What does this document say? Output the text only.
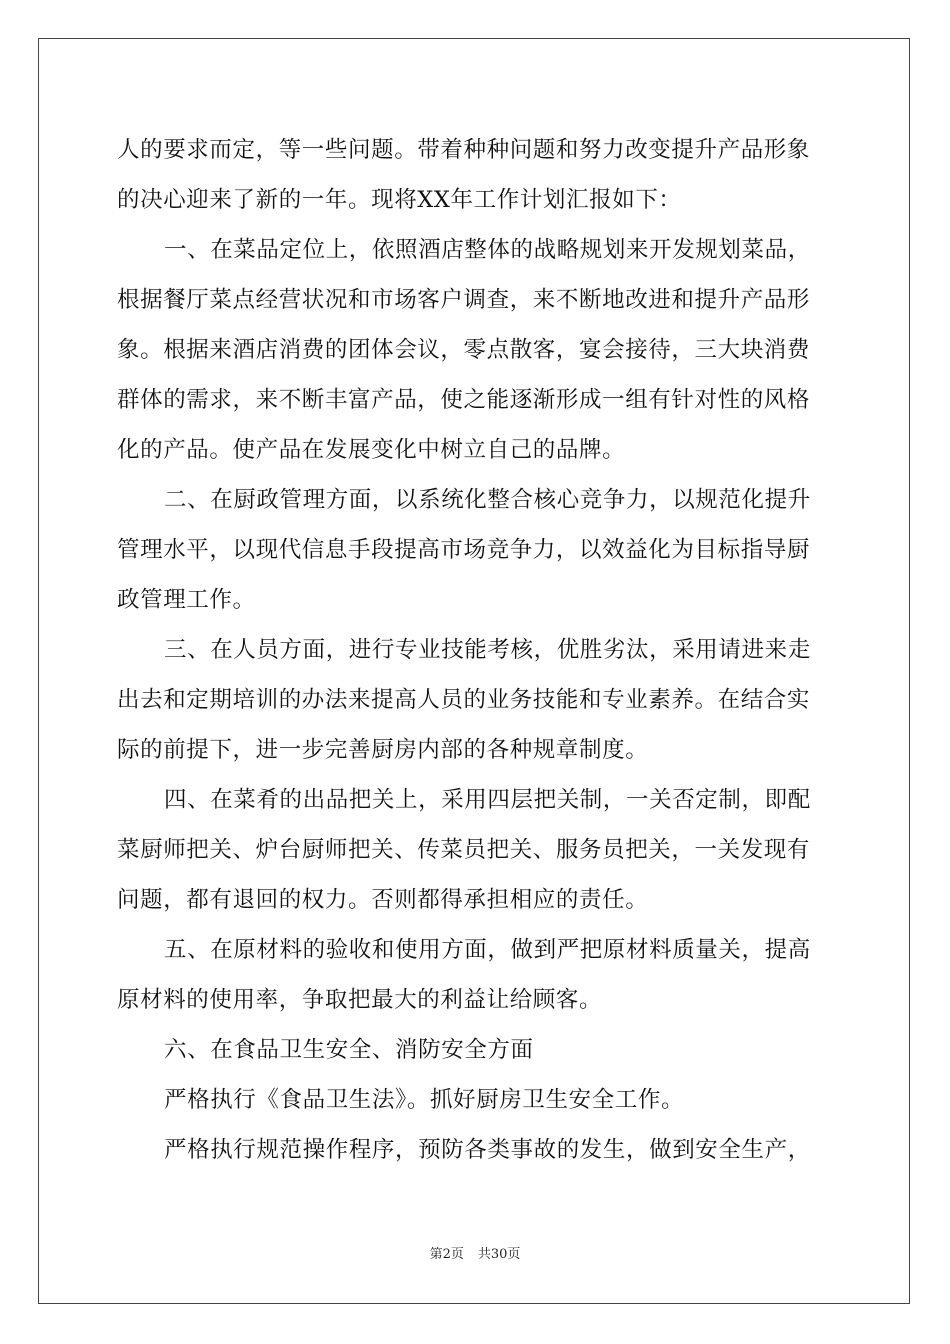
人的要求而定，等一些问题。带着种种问题和努力改变提升产品形象
的决心迎来了新的一年。现将XX年工作计划汇报如下：
一、在菜品定位上，依照酒店整体的战略规划来开发规划菜品，
根据餐厅菜点经营状况和市场客户调查，来不断地改进和提升产品形
象。根据来酒店消费的团体会议，零点散客，宴会接待，三大块消费
群体的需求，来不断丰富产品，使之能逐渐形成一组有针对性的风格
化的产品。使产品在发展变化中树立自己的品牌。
二、在厨政管理方面，以系统化整合核心竞争力，以规范化提升
管理水平，以现代信息手段提高市场竞争力，以效益化为目标指导厨
政管理工作。
三、在人员方面，进行专业技能考核，优胜劣汰，采用请进来走
出去和定期培训的办法来提高人员的业务技能和专业素养。在结合实
际的前提下，进一步完善厨房内部的各种规章制度。
四、在菜肴的出品把关上，采用四层把关制，一关否定制，即配
菜厨师把关、炉台厨师把关、传菜员把关、服务员把关，一关发现有
问题，都有退回的权力。否则都得承担相应的责任。
五、在原材料的验收和使用方面，做到严把原材料质量关，提高
原材料的使用率，争取把最大的利益让给顾客。
六、在食品卫生安全、消防安全方面
严格执行《食品卫生法》。抓好厨房卫生安全工作。
严格执行规范操作程序，预防各类事故的发生，做到安全生产，
第2页 共30页
